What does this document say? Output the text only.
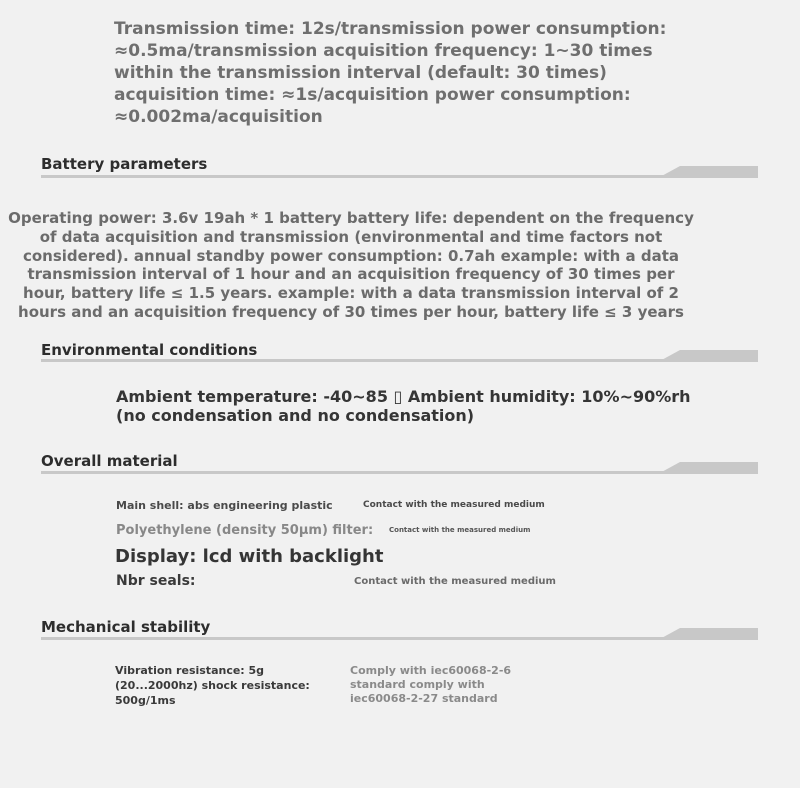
Transmission time: 12s/transmission power consumption:
≈0.5ma/transmission acquisition frequency: 1~30 times
within the transmission interval (default: 30 times)
acquisition time: ≈1s/acquisition power consumption:
≈0.002ma/acquisition
Battery parameters
Operating power: 3.6v 19ah * 1 battery battery life: dependent on the frequency
of data acquisition and transmission (environmental and time factors not
considered). annual standby power consumption: 0.7ah example: with a data
transmission interval of 1 hour and an acquisition frequency of 30 times per
hour, battery life ≤ 1.5 years. example: with a data transmission interval of 2
hours and an acquisition frequency of 30 times per hour, battery life ≤ 3 years
Environmental conditions
Ambient temperature: -40~85 ▯ Ambient humidity: 10%~90%rh
(no condensation and no condensation)
Overall material
Main shell: abs engineering plastic	Contact with the measured medium
Polyethylene (density 50μm) filter: Contact with the measured medium
Display: lcd with backlight
Nbr seals:	Contact with the measured medium
Mechanical stability
Vibration resistance: 5g
(20...2000hz) shock resistance:
500g/1ms
Comply with iec60068-2-6
standard comply with
iec60068-2-27 standard
